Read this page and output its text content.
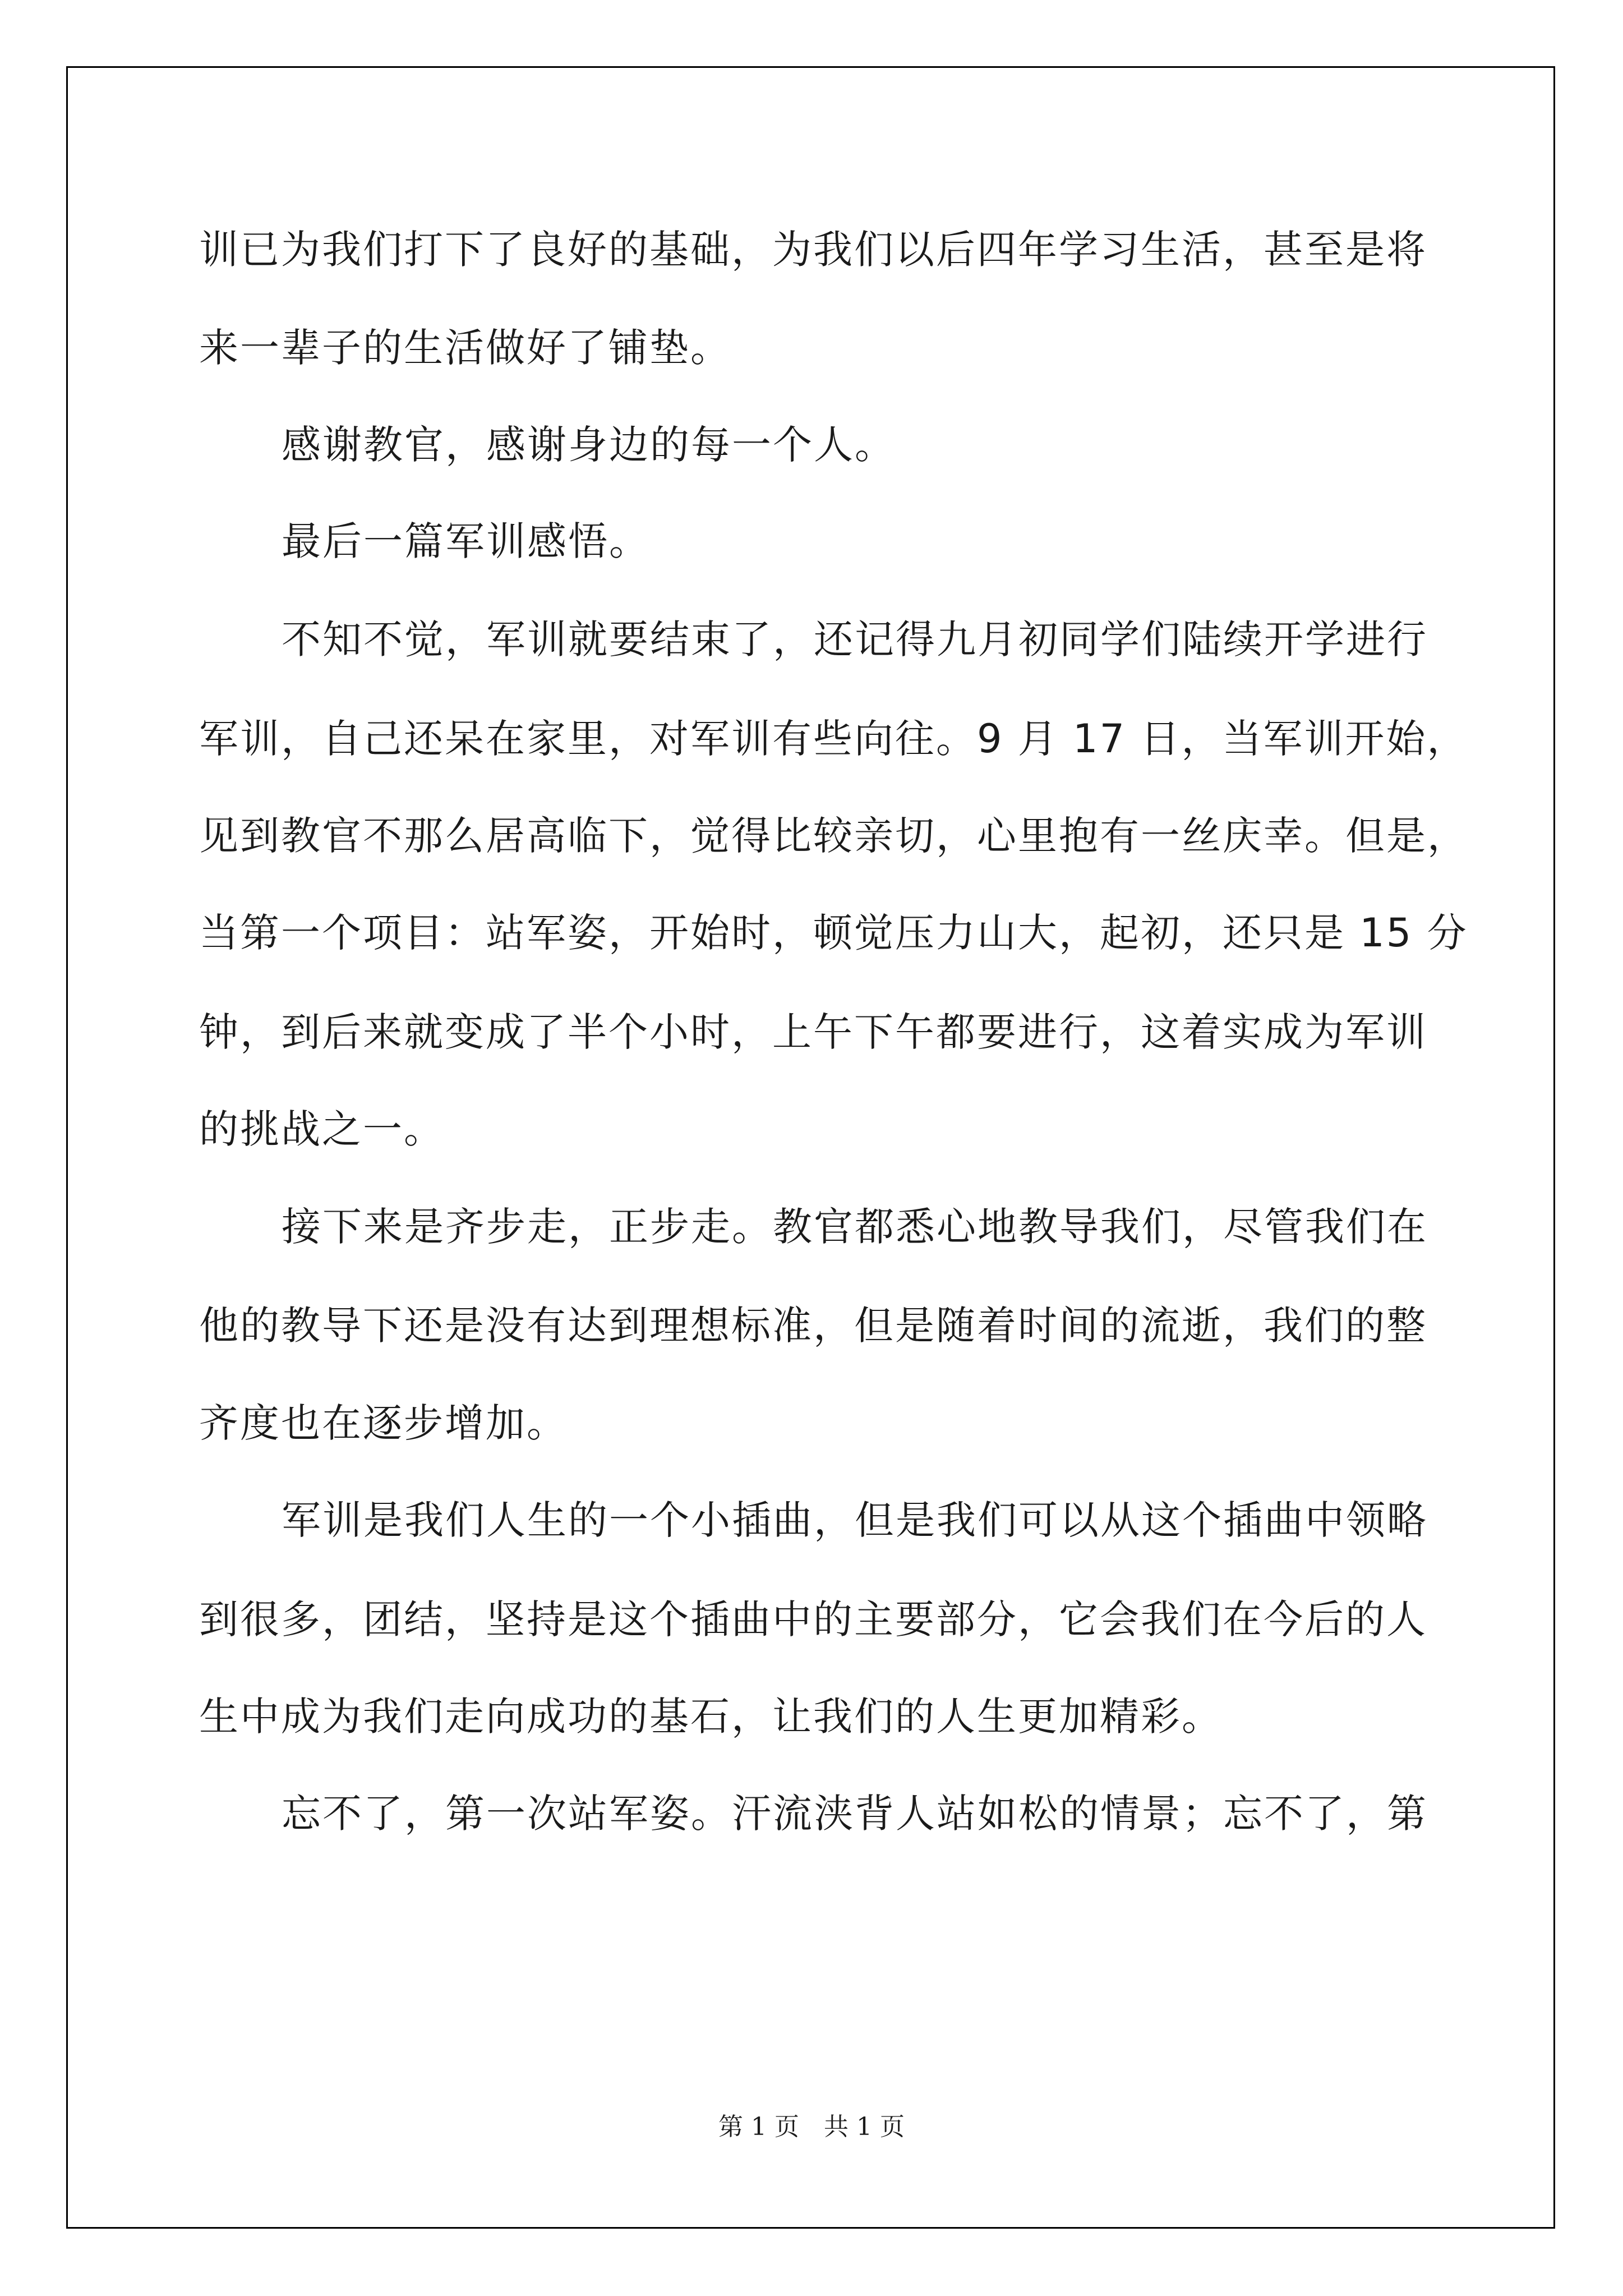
训已为我们打下了良好的基础，为我们以后四年学习生活，甚至是将
来一辈子的生活做好了铺垫。
感谢教官，感谢身边的每一个人。
最后一篇军训感悟。
不知不觉，军训就要结束了，还记得九月初同学们陆续开学进行
军训，自己还呆在家里，对军训有些向往。9 月 17 日，当军训开始，
见到教官不那么居高临下，觉得比较亲切，心里抱有一丝庆幸。但是，
当第一个项目：站军姿，开始时，顿觉压力山大，起初，还只是 15 分
钟，到后来就变成了半个小时，上午下午都要进行，这着实成为军训
的挑战之一。
接下来是齐步走，正步走。教官都悉心地教导我们，尽管我们在
他的教导下还是没有达到理想标准，但是随着时间的流逝，我们的整
齐度也在逐步增加。
军训是我们人生的一个小插曲，但是我们可以从这个插曲中领略
到很多，团结，坚持是这个插曲中的主要部分，它会我们在今后的人
生中成为我们走向成功的基石，让我们的人生更加精彩。
忘不了，第一次站军姿。汗流浃背人站如松的情景；忘不了，第
第 1 页　共 1 页
